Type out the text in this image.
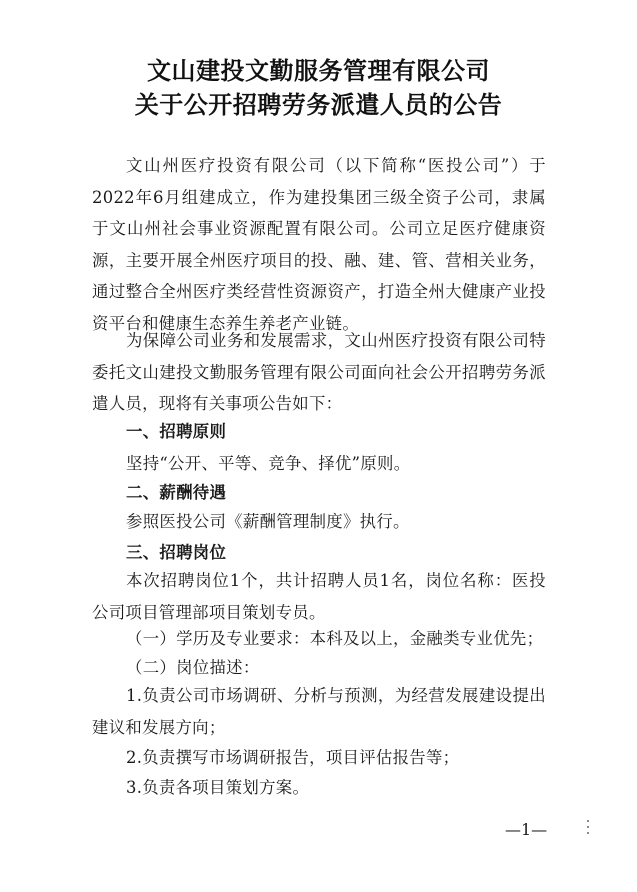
文山建投文勤服务管理有限公司
关于公开招聘劳务派遣人员的公告

文山州医疗投资有限公司（以下简称“医投公司”）于2022年6月组建成立，作为建投集团三级全资子公司，隶属于文山州社会事业资源配置有限公司。公司立足医疗健康资源，主要开展全州医疗项目的投、融、建、管、营相关业务，通过整合全州医疗类经营性资源资产，打造全州大健康产业投资平台和健康生态养生养老产业链。

为保障公司业务和发展需求，文山州医疗投资有限公司特委托文山建投文勤服务管理有限公司面向社会公开招聘劳务派遣人员，现将有关事项公告如下：

一、招聘原则
坚持“公开、平等、竞争、择优”原则。
二、薪酬待遇
参照医投公司《薪酬管理制度》执行。
三、招聘岗位

本次招聘岗位1个，共计招聘人员1名，岗位名称：医投公司项目管理部项目策划专员。

（一）学历及专业要求：本科及以上，金融类专业优先；
（二）岗位描述：

1.负责公司市场调研、分析与预测，为经营发展建设提出建议和发展方向；

2.负责撰写市场调研报告，项目评估报告等；
3.负责各项目策划方案。
—1—
